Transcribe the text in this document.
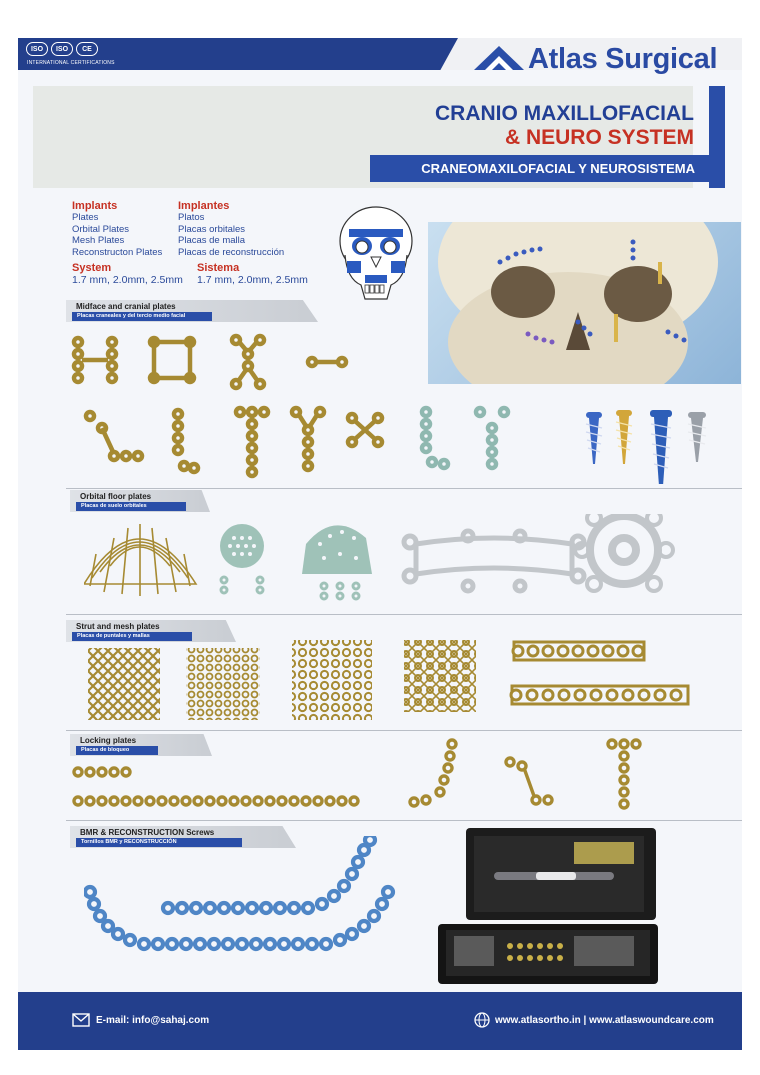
ISO	ISO	CE
INTERNATIONAL CERTIFICATIONS	Atlas Surgical
CRANIO MAXILLOFACIAL
& NEURO SYSTEM
CRANEOMAXILOFACIAL Y NEUROSISTEMA
Implants
Plates
Orbital Plates
Mesh Plates
Reconstructon Plates
System
1.7 mm, 2.0mm, 2.5mm
Implantes
Platos
Placas orbitales
Placas de malla
Placas de reconstrucción
Sistema
1.7 mm, 2.0mm, 2.5mm
Midface and cranial plates
Placas craneales y del tercio medio facial
Orbital floor plates
Placas de suelo orbitales
Strut and mesh plates
Placas de puntales y mallas
Locking plates
Placas de bloqueo
BMR & RECONSTRUCTION Screws
Tornillos BMR y RECONSTRUCCIÓN
E-mail: info@sahaj.com	www.atlasortho.in | www.atlaswoundcare.com
